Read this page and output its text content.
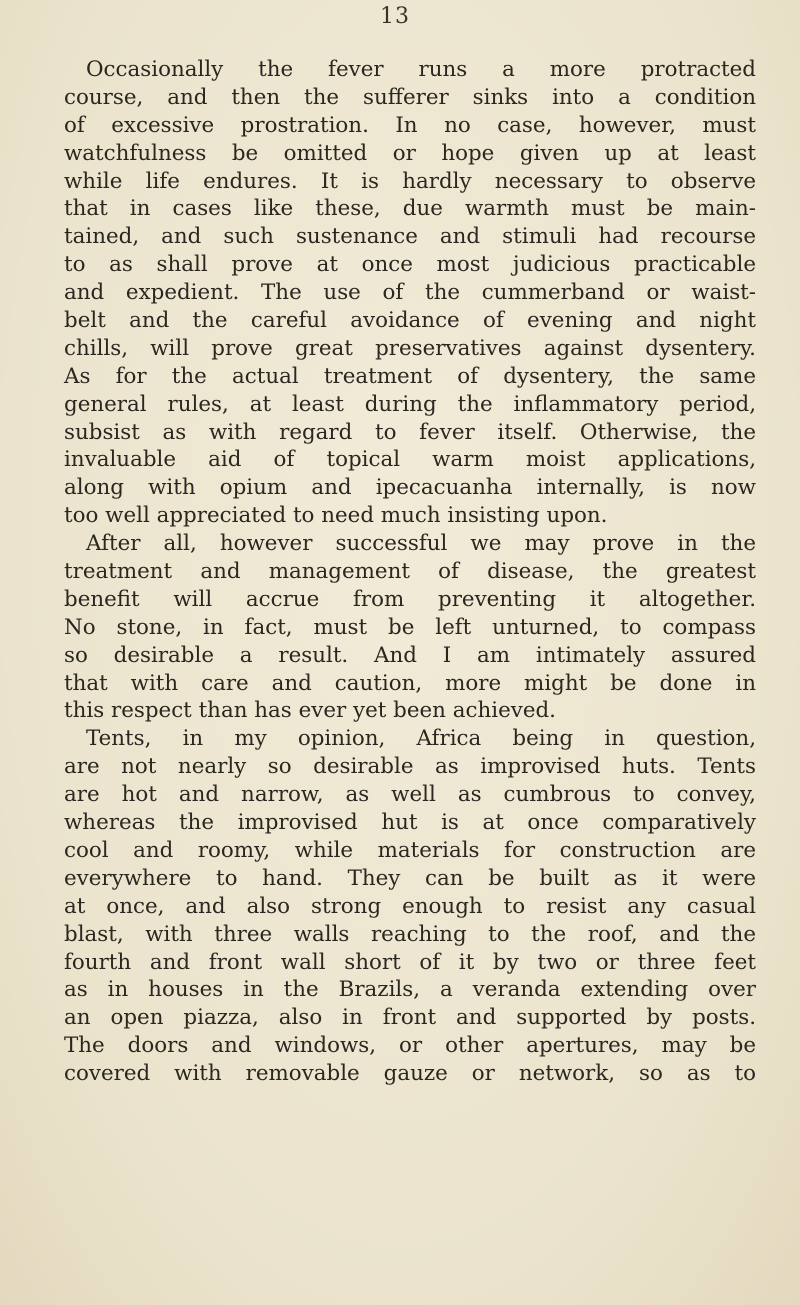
13
Occasionally the fever runs a more protracted
course, and then the sufferer sinks into a condition
of excessive prostration. In no case, however, must
watchfulness be omitted or hope given up at least
while life endures. It is hardly necessary to observe
that in cases like these, due warmth must be main-
tained, and such sustenance and stimuli had recourse
to as shall prove at once most judicious practicable
and expedient. The use of the cummerband or waist-
belt and the careful avoidance of evening and night
chills, will prove great preservatives against dysentery.
As for the actual treatment of dysentery, the same
general rules, at least during the inflammatory period,
subsist as with regard to fever itself. Otherwise, the
invaluable aid of topical warm moist applications,
along with opium and ipecacuanha internally, is now
too well appreciated to need much insisting upon.
After all, however successful we may prove in the
treatment and management of disease, the greatest
benefit will accrue from preventing it altogether.
No stone, in fact, must be left unturned, to compass
so desirable a result. And I am intimately assured
that with care and caution, more might be done in
this respect than has ever yet been achieved.
Tents, in my opinion, Africa being in question,
are not nearly so desirable as improvised huts. Tents
are hot and narrow, as well as cumbrous to convey,
whereas the improvised hut is at once comparatively
cool and roomy, while materials for construction are
everywhere to hand. They can be built as it were
at once, and also strong enough to resist any casual
blast, with three walls reaching to the roof, and the
fourth and front wall short of it by two or three feet
as in houses in the Brazils, a veranda extending over
an open piazza, also in front and supported by posts.
The doors and windows, or other apertures, may be
covered with removable gauze or network, so as to
